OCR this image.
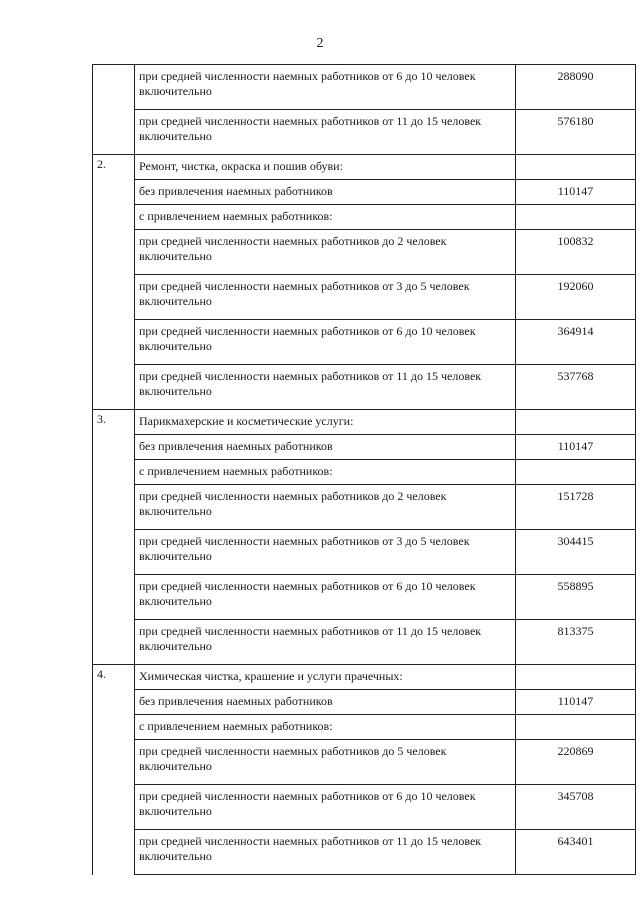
2
	при средней численности наемных работников от 6 до 10 человек включительно	288090
	при средней численности наемных работников от 11 до 15 человек включительно	576180
2.	Ремонт, чистка, окраска и пошив обуви:	
	без привлечения наемных работников	110147
	с привлечением наемных работников:	
	при средней численности наемных работников до 2 человек включительно	100832
	при средней численности наемных работников от 3 до 5 человек включительно	192060
	при средней численности наемных работников от 6 до 10 человек включительно	364914
	при средней численности наемных работников от 11 до 15 человек включительно	537768
3.	Парикмахерские и косметические услуги:	
	без привлечения наемных работников	110147
	с привлечением наемных работников:	
	при средней численности наемных работников до 2 человек включительно	151728
	при средней численности наемных работников от 3 до 5 человек включительно	304415
	при средней численности наемных работников от 6 до 10 человек включительно	558895
	при средней численности наемных работников от 11 до 15 человек включительно	813375
4.	Химическая чистка, крашение и услуги прачечных:	
	без привлечения наемных работников	110147
	с привлечением наемных работников:	
	при средней численности наемных работников до 5 человек включительно	220869
	при средней численности наемных работников от 6 до 10 человек включительно	345708
	при средней численности наемных работников от 11 до 15 человек включительно	643401
